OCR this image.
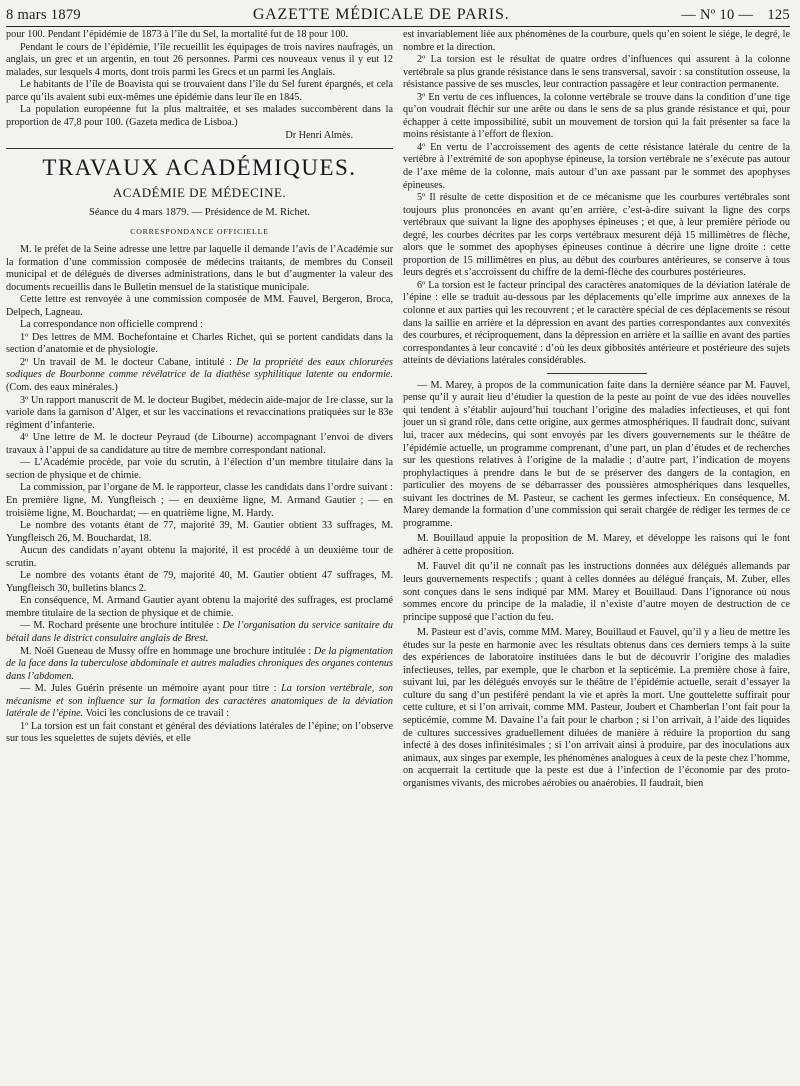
8 mars 1879	GAZETTE MÉDICALE DE PARIS.	— Nº 10 — 125

pour 100. Pendant l’épidémie de 1873 à l’île du Sel, la mortalité fut de 18 pour 100.

Pendant le cours de l’épidémie, l’île recueillit les équipages de trois navires naufragés, un anglais, un grec et un argentin, en tout 26 personnes. Parmi ces nouveaux venus il y eut 12 malades, sur lesquels 4 morts, dont trois parmi les Grecs et un parmi les Anglais.

Le habitants de l’île de Boavista qui se trouvaient dans l’île du Sel furent épargnés, et cela parce qu’ils avaient subi eux-mêmes une épidémie dans leur île en 1845.

La population européenne fut la plus maltraitée, et ses malades succombèrent dans la proportion de 47,8 pour 100. (Gazeta medica de Lisboa.)

Dr Henri Almès.
TRAVAUX ACADÉMIQUES.
ACADÉMIE DE MÉDECINE.
Séance du 4 mars 1879. — Présidence de M. Richet.
CORRESPONDANCE OFFICIELLE

M. le préfet de la Seine adresse une lettre par laquelle il demande l’avis de l’Académie sur la formation d’une commission composée de médecins traitants, de membres du Conseil municipal et de délégués de diverses administrations, dans le but d’augmenter la valeur des documents recueillis dans le Bulletin mensuel de la statistique municipale.

Cette lettre est renvoyée à une commission composée de MM. Fauvel, Bergeron, Broca, Delpech, Lagneau.

La correspondance non officielle comprend :

1º Des lettres de MM. Bochefontaine et Charles Richet, qui se portent candidats dans la section d’anatomie et de physiologie.

2º Un travail de M. le docteur Cabane, intitulé : De la propriété des eaux chlorurées sodiques de Bourbonne comme révélatrice de la diathèse syphilitique latente ou endormie. (Com. des eaux minérales.)

3º Un rapport manuscrit de M. le docteur Bugibet, médecin aide-major de 1re classe, sur la variole dans la garnison d’Alger, et sur les vaccinations et revaccinations pratiquées sur le 83e régiment d’infanterie.

4º Une lettre de M. le docteur Peyraud (de Libourne) accompagnant l’envoi de divers travaux à l’appui de sa candidature au titre de membre correspondant national.

— L’Académie procède, par voie du scrutin, à l’élection d’un membre titulaire dans la section de physique et de chimie.

La commission, par l’organe de M. le rapporteur, classe les candidats dans l’ordre suivant : En première ligne, M. Yungfleisch ; — en deuxième ligne, M. Armand Gautier ; — en troisième ligne, M. Bouchardat; — en quatrième ligne, M. Hardy.

Le nombre des votants étant de 77, majorité 39, M. Gautier obtient 33 suffrages, M. Yungfleisch 26, M. Bouchardat, 18.

Aucun des candidats n’ayant obtenu la majorité, il est procédé à un deuxième tour de scrutin.

Le nombre des votants étant de 79, majorité 40, M. Gautier obtient 47 suffrages, M. Yungfleisch 30, bulletins blancs 2.

En conséquence, M. Armand Gautier ayant obtenu la majorité des suffrages, est proclamé membre titulaire de la section de physique et de chimie.

— M. Rochard présente une brochure intitulée : De l’organisation du service sanitaire du bétail dans le district consulaire anglais de Brest.

M. Noël Gueneau de Mussy offre en hommage une brochure intitulée : De la pigmentation de la face dans la tuberculose abdominale et autres maladies chroniques des organes contenus dans l’abdomen.

— M. Jules Guérin présente un mémoire ayant pour titre : La torsion vertébrale, son mécanisme et son influence sur la formation des caractères anatomiques de la déviation latérale de l’épine. Voici les conclusions de ce travail :

1º La torsion est un fait constant et général des déviations latérales de l’épine; on l’observe sur tous les squelettes de sujets déviés, et elle

est invariablement liée aux phénomènes de la courbure, quels qu’en soient le siége, le degré, le nombre et la direction.

2º La torsion est le résultat de quatre ordres d’influences qui assurent à la colonne vertébrale sa plus grande résistance dans le sens transversal, savoir : sa constitution osseuse, la résistance passive de ses muscles, leur contraction passagère et leur contraction permanente.

3º En vertu de ces influences, la colonne vertébrale se trouve dans la condition d’une tige qu’on voudrait fléchir sur une arête ou dans le sens de sa plus grande résistance et qui, pour échapper à cette impossibilité, subit un mouvement de torsion qui la fait présenter sa face la moins résistante à l’effort de flexion.

4º En vertu de l’accroissement des agents de cette résistance latérale du centre de la vertèbre à l’extrémité de son apophyse épineuse, la torsion vertébrale ne s’exécute pas autour de l’axe même de la colonne, mais autour d’un axe passant par le sommet des apophyses épineuses.

5º Il résulte de cette disposition et de ce mécanisme que les courbures vertébrales sont toujours plus prononcées en avant qu’en arrière, c’est-à-dire suivant la ligne des corps vertébraux que suivant la ligne des apophyses épineuses ; et que, à leur première période ou degré, les courbes décrites par les corps vertébraux mesurent déjà 15 millimètres de flèche, alors que le sommet des apophyses épineuses continue à décrire une ligne droite : cette proportion de 15 millimètres en plus, au début des courbures antérieures, se conserve à tous leurs degrés et s’accroissent du chiffre de la demi-flèche des courbures postérieures.

6º La torsion est le facteur principal des caractères anatomiques de la déviation latérale de l’épine : elle se traduit au-dessous par les déplacements qu’elle imprime aux annexes de la colonne et aux parties qui les recouvrent ; et le caractère spécial de ces déplacements se résout dans la saillie en arrière et la dépression en avant des parties correspondantes aux convexités des courbures, et réciproquement, dans la dépression en arrière et la saillie en avant des parties correspondantes à leur concavité : d’où les deux gibbosités antérieure et postérieure des sujets atteints de déviations latérales considérables.

— M. Marey, à propos de la communication faite dans la dernière séance par M. Fauvel, pense qu’il y aurait lieu d’étudier la question de la peste au point de vue des idées nouvelles qui tendent à s’établir aujourd’hui touchant l’origine des maladies infectieuses, et qui font jouer un si grand rôle, dans cette origine, aux germes atmosphériques. Il faudrait donc, suivant lui, tracer aux médecins, qui sont envoyés par les divers gouvernements sur le théâtre de l’épidémie actuelle, un programme comprenant, d’une part, un plan d’études et de recherches sur les questions relatives à l’origine de la maladie ; d’autre part, l’indication de moyens prophylactiques à prendre dans le but de se préserver des dangers de la contagion, en particulier des moyens de se débarrasser des poussières atmosphériques dans lesquelles, suivant les doctrines de M. Pasteur, se cachent les germes infectieux. En conséquence, M. Marey demande la formation d’une commission qui serait chargée de rédiger les termes de ce programme.

M. Bouillaud appuie la proposition de M. Marey, et développe les raisons qui le font adhérer à cette proposition.

M. Fauvel dit qu’il ne connaît pas les instructions données aux délégués allemands par leurs gouvernements respectifs ; quant à celles données au délégué français, M. Zuber, elles sont conçues dans le sens indiqué par MM. Marey et Bouillaud. Dans l’ignorance où nous sommes encore du principe de la maladie, il n’existe d’autre moyen de destruction de ce principe supposé que l’action du feu.

M. Pasteur est d’avis, comme MM. Marey, Bouillaud et Fauvel, qu’il y a lieu de mettre les études sur la peste en harmonie avec les résultats obtenus dans ces derniers temps à la suite des expériences de laboratoire instituées dans le but de découvrir l’origine des maladies infectieuses, telles, par exemple, que le charbon et la septicémie. La première chose à faire, suivant lui, par les délégués envoyés sur le théâtre de l’épidémie actuelle, serait d’essayer la culture du sang d’un pestiféré pendant la vie et après la mort. Une gouttelette suffirait pour cette culture, et si l’on arrivait, comme MM. Pasteur, Joubert et Chamberlan l’ont fait pour la septicémie, comme M. Davaine l’a fait pour le charbon ; si l’on arrivait, à l’aide des liquides de cultures successives graduellement diluées de manière à réduire la proportion du sang infecté à des doses infinitésimales ; si l’on arrivait ainsi à produire, par des inoculations aux animaux, aux singes par exemple, les phénomènes analogues à ceux de la peste chez l’homme, on acquerrait la certitude que la peste est due à l’infection de l’économie par des proto-organismes vivants, des microbes aérobies ou anaérobies. Il faudrait, bien
